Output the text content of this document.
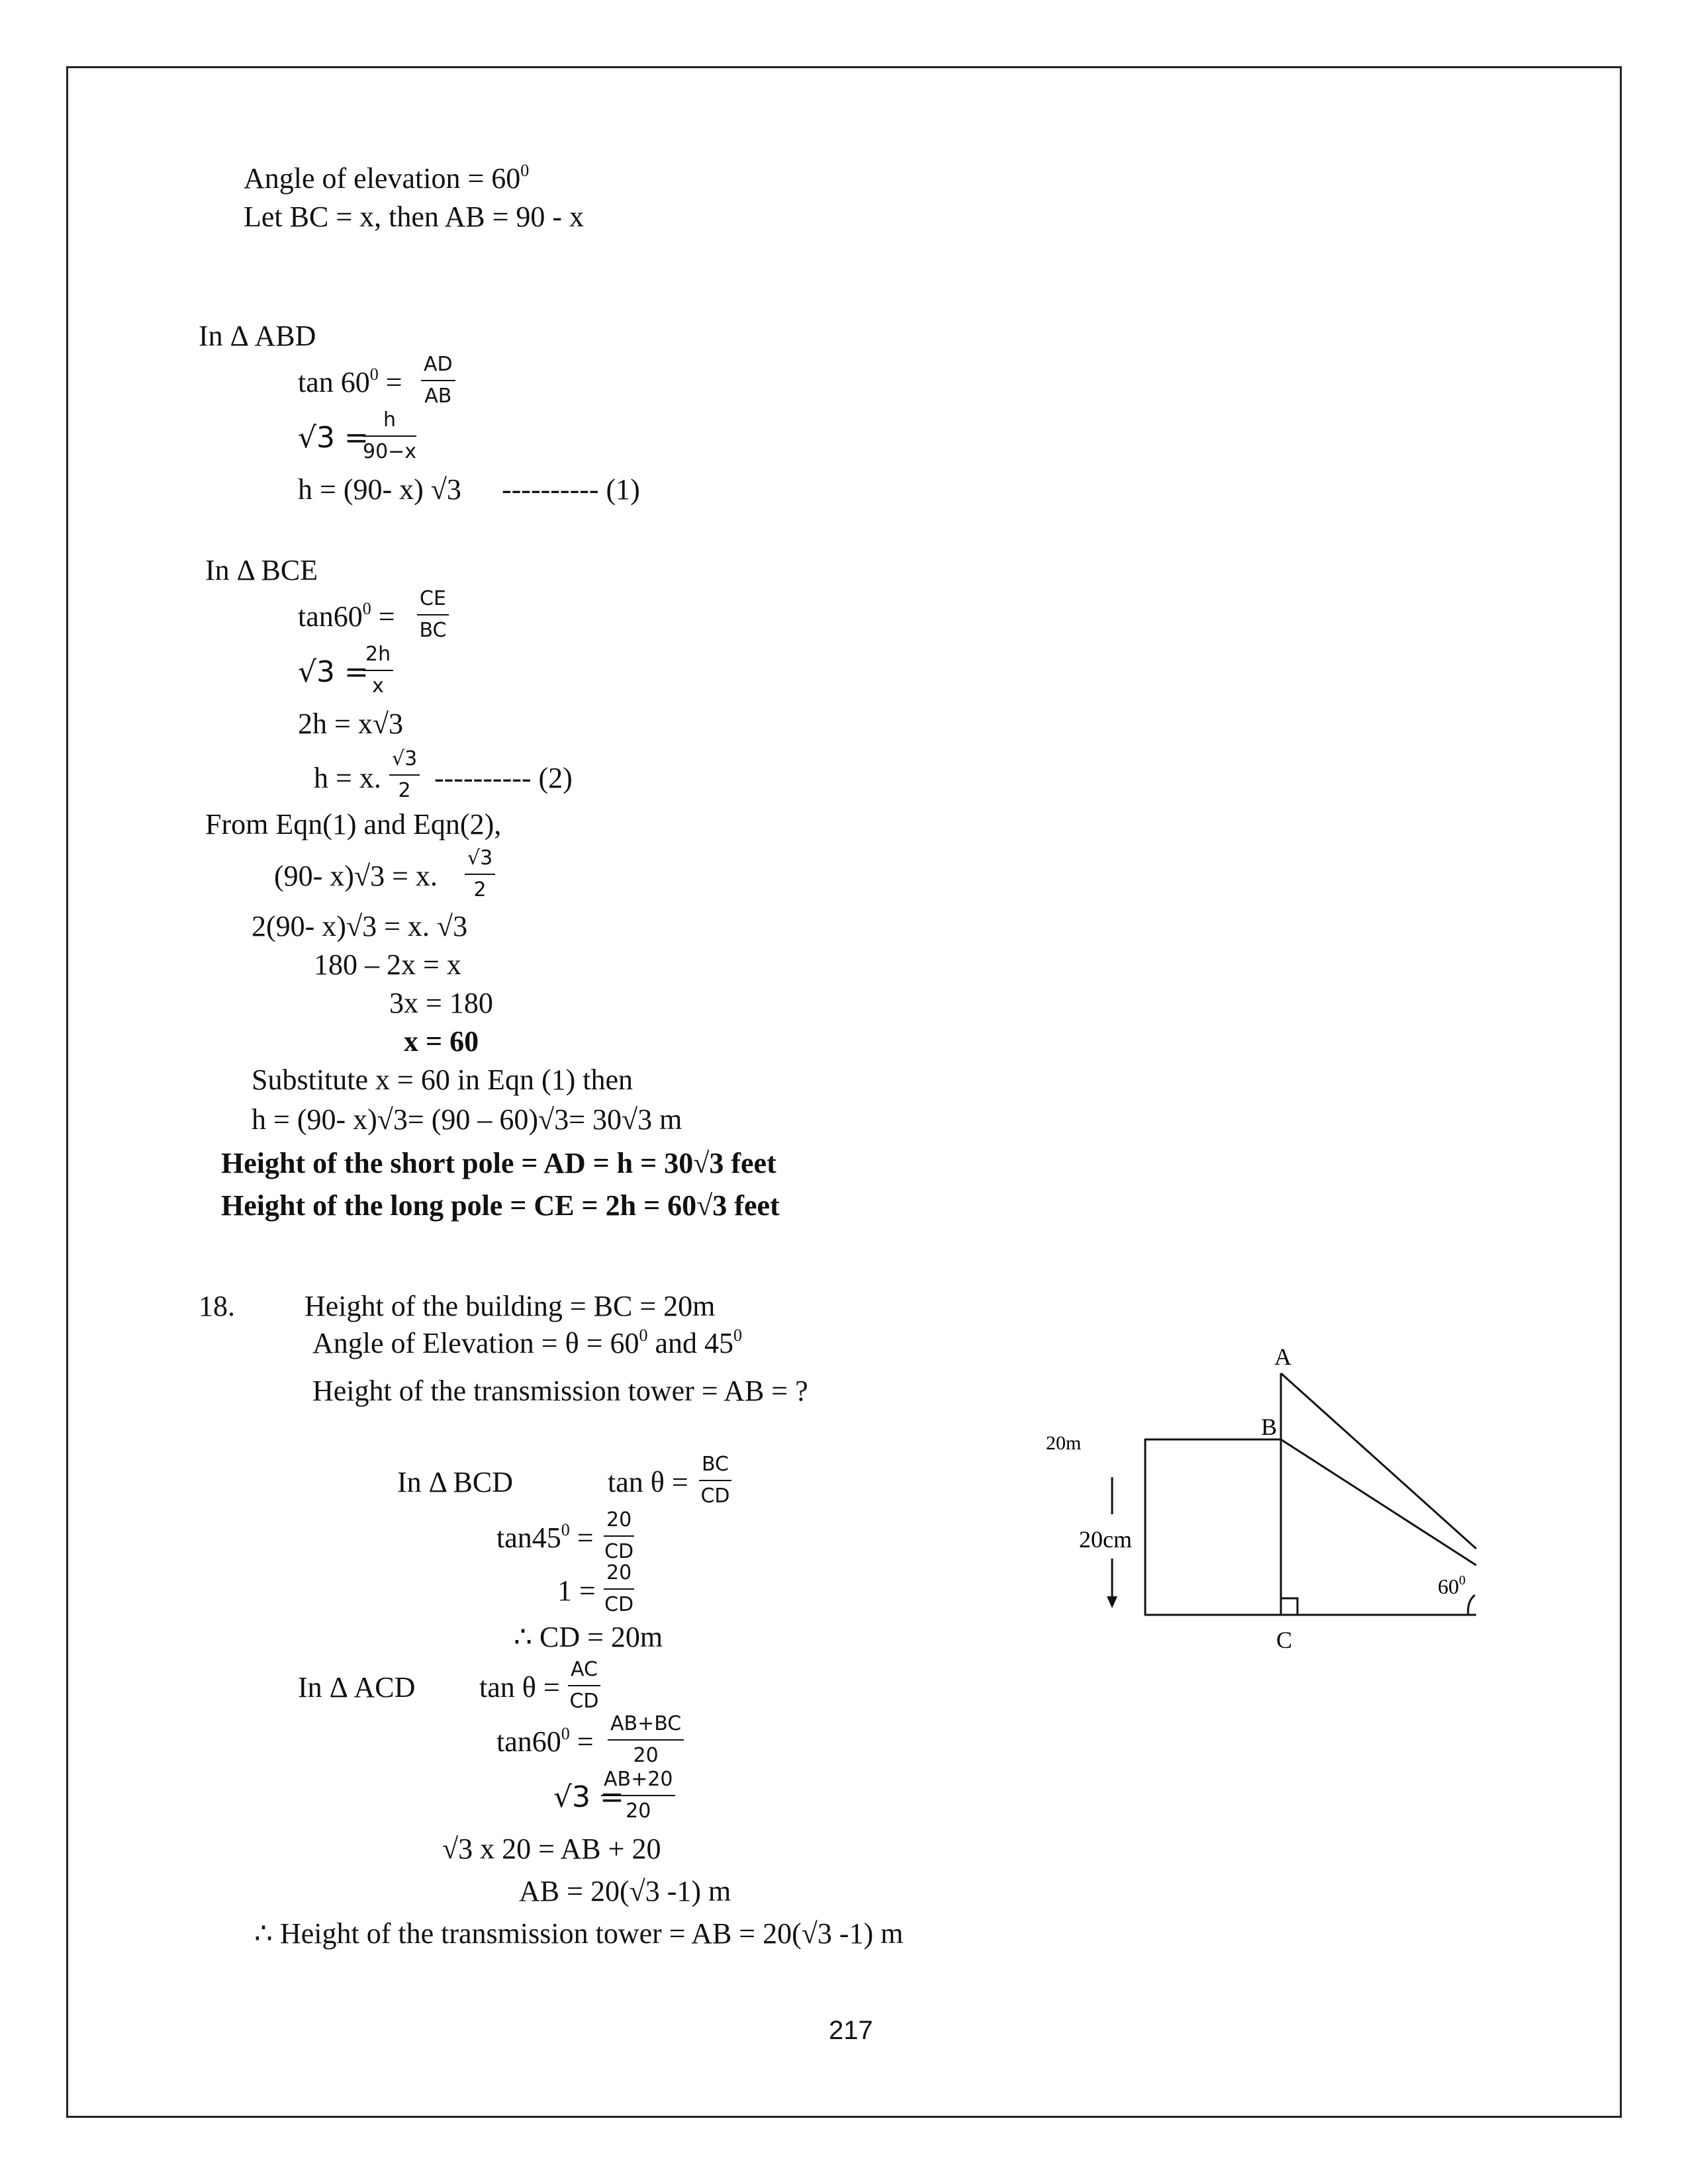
Angle of elevation = $60^0$
Let BC = x, then AB = 90 - x
In Δ ABD
$\tan 60^0$ =
AD
AB
√3 =
h
90−x
h = (90- x) √3 ---------- (1)
In Δ BCE
$\tan 60^0$ =
CE
BC
√3 =
2h
x
2h = x√3
h = x.
√3
2 ---------- (2)
From Eqn(1) and Eqn(2),
(90- x)√3 = x.
√3
2
2(90- x)√3 = x. √3
180 – 2x = x
3x = 180
x = 60
Substitute x = 60 in Eqn (1) then
h = (90- x)√3= (90 – 60)√3= 30√3 m
Height of the short pole = AD = h = 30√3 feet
Height of the long pole = CE = 2h = 60√3 feet
18. Height of the building = BC = 20m
Angle of Elevation = $\theta = 60^0$ and $45^0$
Height of the transmission tower = AB = ?
In Δ BCD	tan θ =
BC
CD
$\tan 45^0$ =
20
CD
1 =
20
CD
∴ CD = 20m
In Δ ACD tan θ =
AC
CD
$\tan 60^0$ =
AB+BC
20
√3 =
AB+20
20
√3 x 20 = AB + 20
AB = 20(√3 -1) m
∴ Height of the transmission tower = AB = 20(√3 -1) m
A
B
C
20m
20cm
$60^0$
217
